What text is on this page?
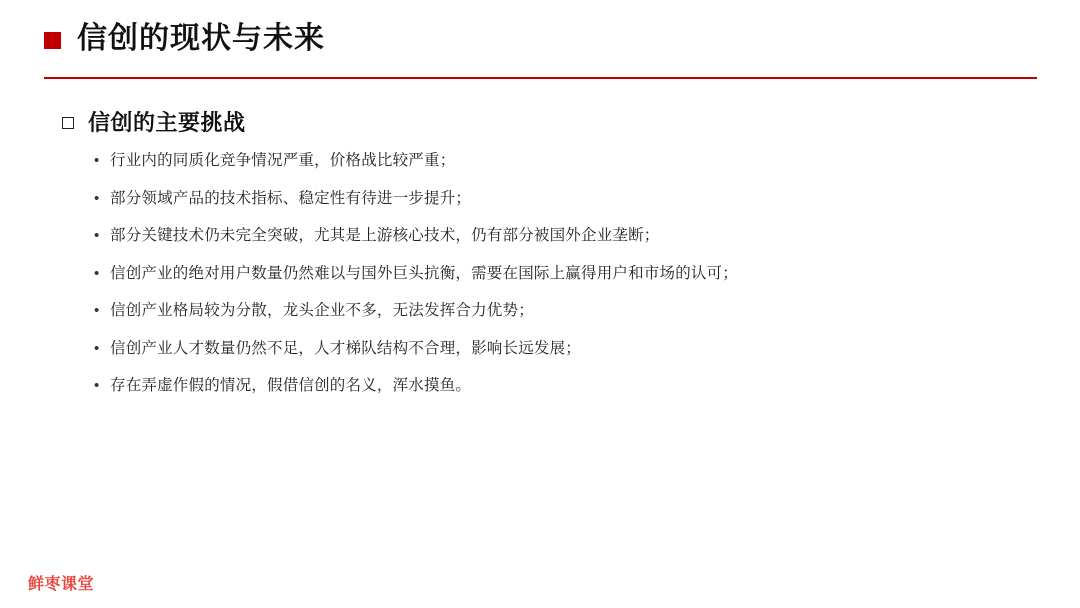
信创的现状与未来
信创的主要挑战
• 行业内的同质化竞争情况严重，价格战比较严重；
• 部分领域产品的技术指标、稳定性有待进一步提升；
• 部分关键技术仍未完全突破，尤其是上游核心技术，仍有部分被国外企业垄断；
• 信创产业的绝对用户数量仍然难以与国外巨头抗衡，需要在国际上赢得用户和市场的认可；
• 信创产业格局较为分散，龙头企业不多，无法发挥合力优势；
• 信创产业人才数量仍然不足，人才梯队结构不合理，影响长远发展；
• 存在弄虚作假的情况，假借信创的名义，浑水摸鱼。
鲜枣课堂
